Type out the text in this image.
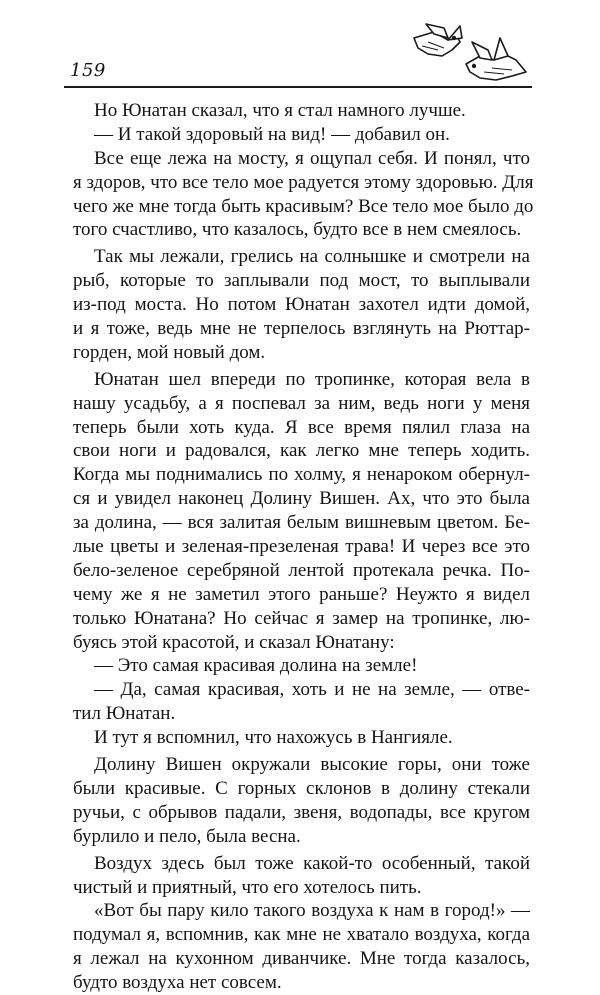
159
Но Юнатан сказал, что я стал намного лучше.
— И такой здоровый на вид! — добавил он.
Все еще лежа на мосту, я ощупал себя. И понял, что
я здоров, что все тело мое радуется этому здоровью. Для
чего же мне тогда быть красивым? Все тело мое было до
того счастливо, что казалось, будто все в нем смеялось.
Так мы лежали, грелись на солнышке и смотрели на
рыб, которые то заплывали под мост, то выплывали
из-под моста. Но потом Юнатан захотел идти домой,
и я тоже, ведь мне не терпелось взглянуть на Рюттар-
горден, мой новый дом.
Юнатан шел впереди по тропинке, которая вела в
нашу усадьбу, а я поспевал за ним, ведь ноги у меня
теперь были хоть куда. Я все время пялил глаза на
свои ноги и радовался, как легко мне теперь ходить.
Когда мы поднимались по холму, я ненароком обернул-
ся и увидел наконец Долину Вишен. Ах, что это была
за долина, — вся залитая белым вишневым цветом. Бе-
лые цветы и зеленая-презеленая трава! И через все это
бело-зеленое серебряной лентой протекала речка. По-
чему же я не заметил этого раньше? Неужто я видел
только Юнатана? Но сейчас я замер на тропинке, лю-
буясь этой красотой, и сказал Юнатану:
— Это самая красивая долина на земле!
— Да, самая красивая, хоть и не на земле, — отве-
тил Юнатан.
И тут я вспомнил, что нахожусь в Нангияле.
Долину Вишен окружали высокие горы, они тоже
были красивые. С горных склонов в долину стекали
ручьи, с обрывов падали, звеня, водопады, все кругом
бурлило и пело, была весна.
Воздух здесь был тоже какой-то особенный, такой
чистый и приятный, что его хотелось пить.
«Вот бы пару кило такого воздуха к нам в город!» —
подумал я, вспомнив, как мне не хватало воздуха, когда
я лежал на кухонном диванчике. Мне тогда казалось,
будто воздуха нет совсем.
